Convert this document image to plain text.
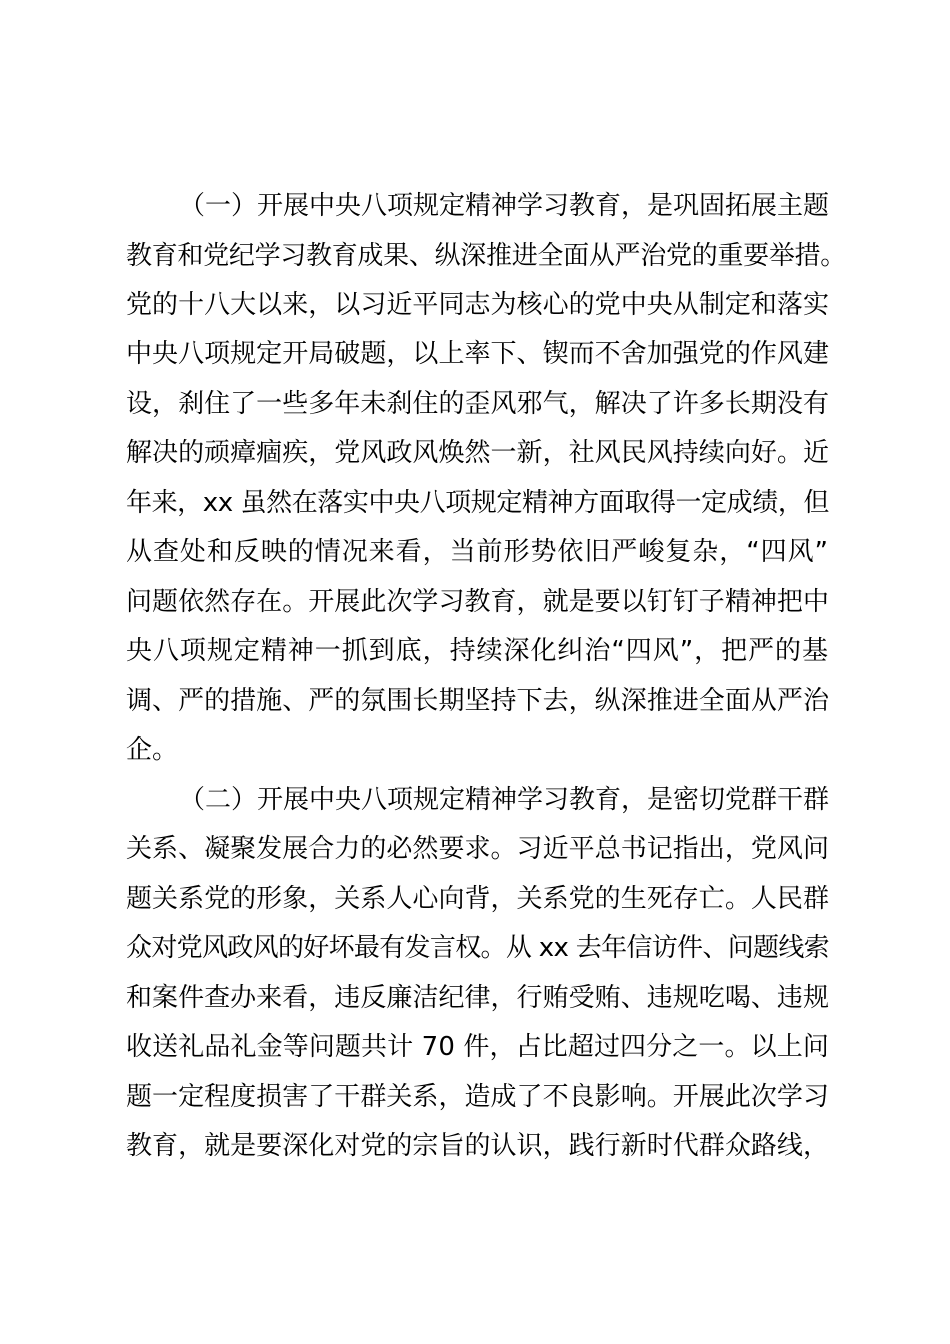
（一）开展中央八项规定精神学习教育，是巩固拓展主题
教育和党纪学习教育成果、纵深推进全面从严治党的重要举措。
党的十八大以来，以习近平同志为核心的党中央从制定和落实
中央八项规定开局破题，以上率下、锲而不舍加强党的作风建
设，刹住了一些多年未刹住的歪风邪气，解决了许多长期没有
解决的顽瘴痼疾，党风政风焕然一新，社风民风持续向好。近
年来，xx 虽然在落实中央八项规定精神方面取得一定成绩，但
从查处和反映的情况来看，当前形势依旧严峻复杂，“四风”
问题依然存在。开展此次学习教育，就是要以钉钉子精神把中
央八项规定精神一抓到底，持续深化纠治“四风”，把严的基
调、严的措施、严的氛围长期坚持下去，纵深推进全面从严治
企。
（二）开展中央八项规定精神学习教育，是密切党群干群
关系、凝聚发展合力的必然要求。习近平总书记指出，党风问
题关系党的形象，关系人心向背，关系党的生死存亡。人民群
众对党风政风的好坏最有发言权。从 xx 去年信访件、问题线索
和案件查办来看，违反廉洁纪律，行贿受贿、违规吃喝、违规
收送礼品礼金等问题共计 70 件，占比超过四分之一。以上问
题一定程度损害了干群关系，造成了不良影响。开展此次学习
教育，就是要深化对党的宗旨的认识，践行新时代群众路线，
